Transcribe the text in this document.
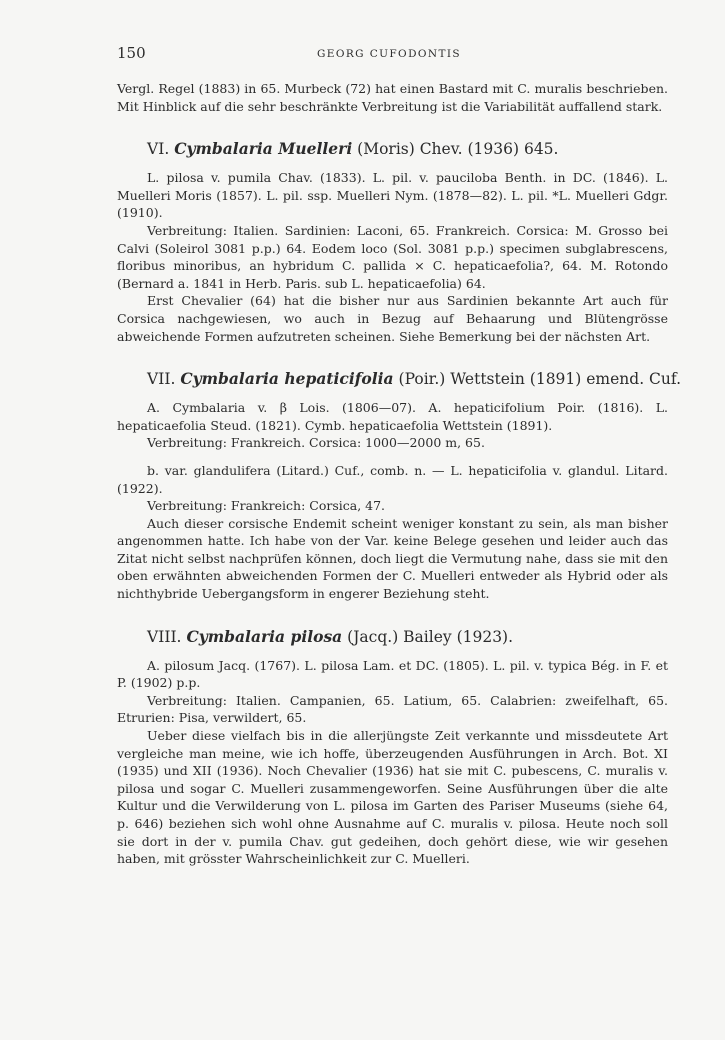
150	GEORG CUFODONTIS

Vergl. Regel (1883) in 65. Murbeck (72) hat einen Bastard mit C. muralis beschrieben. Mit Hinblick auf die sehr beschränkte Verbreitung ist die Variabilität auffallend stark.

VI. Cymbalaria Muelleri (Moris) Chev. (1936) 645.

L. pilosa v. pumila Chav. (1833). L. pil. v. pauciloba Benth. in DC. (1846). L. Muelleri Moris (1857). L. pil. ssp. Muelleri Nym. (1878—82). L. pil. *L. Muelleri Gdgr. (1910).

Verbreitung: Italien. Sardinien: Laconi, 65. Frankreich. Corsica: M. Grosso bei Calvi (Soleirol 3081 p.p.) 64. Eodem loco (Sol. 3081 p.p.) specimen subglabrescens, floribus minoribus, an hybridum C. pallida × C. hepaticaefolia?, 64. M. Rotondo (Bernard a. 1841 in Herb. Paris. sub L. hepaticaefolia) 64.

Erst Chevalier (64) hat die bisher nur aus Sardinien bekannte Art auch für Corsica nachgewiesen, wo auch in Bezug auf Behaarung und Blütengrösse abweichende Formen aufzutreten scheinen. Siehe Bemerkung bei der nächsten Art.

VII. Cymbalaria hepaticifolia (Poir.) Wettstein (1891) emend. Cuf.

A. Cymbalaria v. β Lois. (1806—07). A. hepaticifolium Poir. (1816). L. hepaticaefolia Steud. (1821). Cymb. hepaticaefolia Wettstein (1891).

Verbreitung: Frankreich. Corsica: 1000—2000 m, 65.

b. var. glandulifera (Litard.) Cuf., comb. n. — L. hepaticifolia v. glandul. Litard. (1922).

Verbreitung: Frankreich: Corsica, 47.

Auch dieser corsische Endemit scheint weniger konstant zu sein, als man bisher angenommen hatte. Ich habe von der Var. keine Belege gesehen und leider auch das Zitat nicht selbst nachprüfen können, doch liegt die Vermutung nahe, dass sie mit den oben erwähnten abweichenden Formen der C. Muelleri entweder als Hybrid oder als nichthybride Uebergangsform in engerer Beziehung steht.

VIII. Cymbalaria pilosa (Jacq.) Bailey (1923).

A. pilosum Jacq. (1767). L. pilosa Lam. et DC. (1805). L. pil. v. typica Bég. in F. et P. (1902) p.p.

Verbreitung: Italien. Campanien, 65. Latium, 65. Calabrien: zweifelhaft, 65. Etrurien: Pisa, verwildert, 65.

Ueber diese vielfach bis in die allerjüngste Zeit verkannte und missdeutete Art vergleiche man meine, wie ich hoffe, überzeugenden Ausführungen in Arch. Bot. XI (1935) und XII (1936). Noch Chevalier (1936) hat sie mit C. pubescens, C. muralis v. pilosa und sogar C. Muelleri zusammengeworfen. Seine Ausführungen über die alte Kultur und die Verwilderung von L. pilosa im Garten des Pariser Museums (siehe 64, p. 646) beziehen sich wohl ohne Ausnahme auf C. muralis v. pilosa. Heute noch soll sie dort in der v. pumila Chav. gut gedeihen, doch gehört diese, wie wir gesehen haben, mit grösster Wahrscheinlichkeit zur C. Muelleri.
